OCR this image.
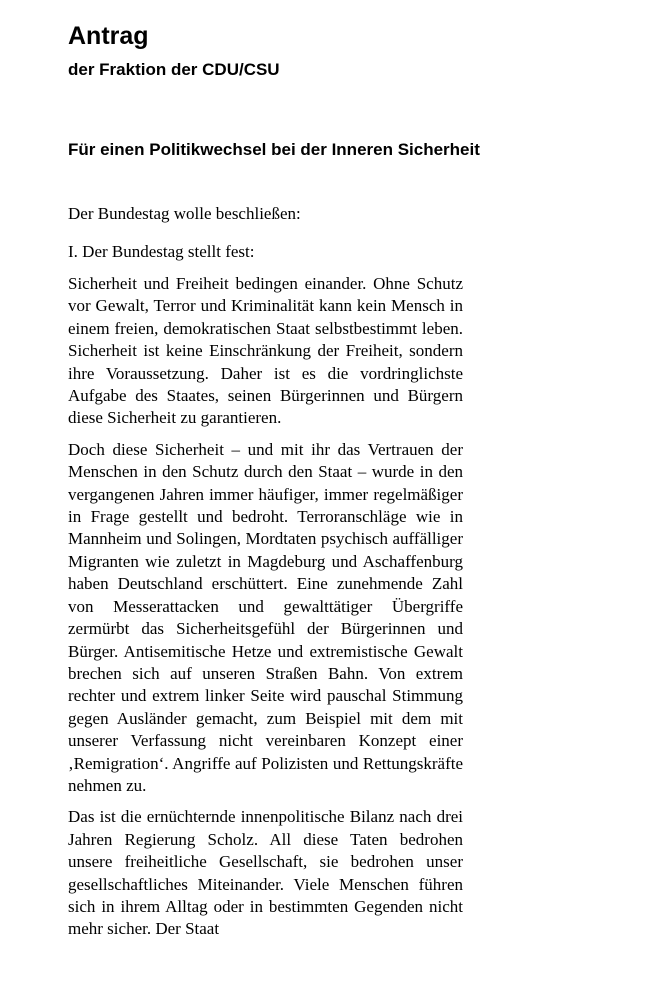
Antrag
der Fraktion der CDU/CSU
Für einen Politikwechsel bei der Inneren Sicherheit

Der Bundestag wolle beschließen:

I. Der Bundestag stellt fest:

Sicherheit und Freiheit bedingen einander. Ohne Schutz vor Gewalt, Terror und Kriminalität kann kein Mensch in einem freien, demokratischen Staat selbstbestimmt leben. Sicherheit ist keine Einschränkung der Freiheit, sondern ihre Voraussetzung. Daher ist es die vordringlichste Aufgabe des Staates, seinen Bürgerinnen und Bürgern diese Sicherheit zu garantieren.

Doch diese Sicherheit – und mit ihr das Vertrauen der Menschen in den Schutz durch den Staat – wurde in den vergangenen Jahren immer häufiger, immer regelmäßiger in Frage gestellt und bedroht. Terroranschläge wie in Mannheim und Solingen, Mordtaten psychisch auffälliger Migranten wie zuletzt in Magdeburg und Aschaffenburg haben Deutschland erschüttert. Eine zunehmende Zahl von Messerattacken und gewalttätiger Übergriffe zermürbt das Sicherheitsgefühl der Bürgerinnen und Bürger. Antisemitische Hetze und extremistische Gewalt brechen sich auf unseren Straßen Bahn. Von extrem rechter und extrem linker Seite wird pauschal Stimmung gegen Ausländer gemacht, zum Beispiel mit dem mit unserer Verfassung nicht vereinbaren Konzept einer ‚Remigration‘. Angriffe auf Polizisten und Rettungskräfte nehmen zu.

Das ist die ernüchternde innenpolitische Bilanz nach drei Jahren Regierung Scholz. All diese Taten bedrohen unsere freiheitliche Gesellschaft, sie bedrohen unser gesellschaftliches Miteinander. Viele Menschen führen sich in ihrem Alltag oder in bestimmten Gegenden nicht mehr sicher. Der Staat
